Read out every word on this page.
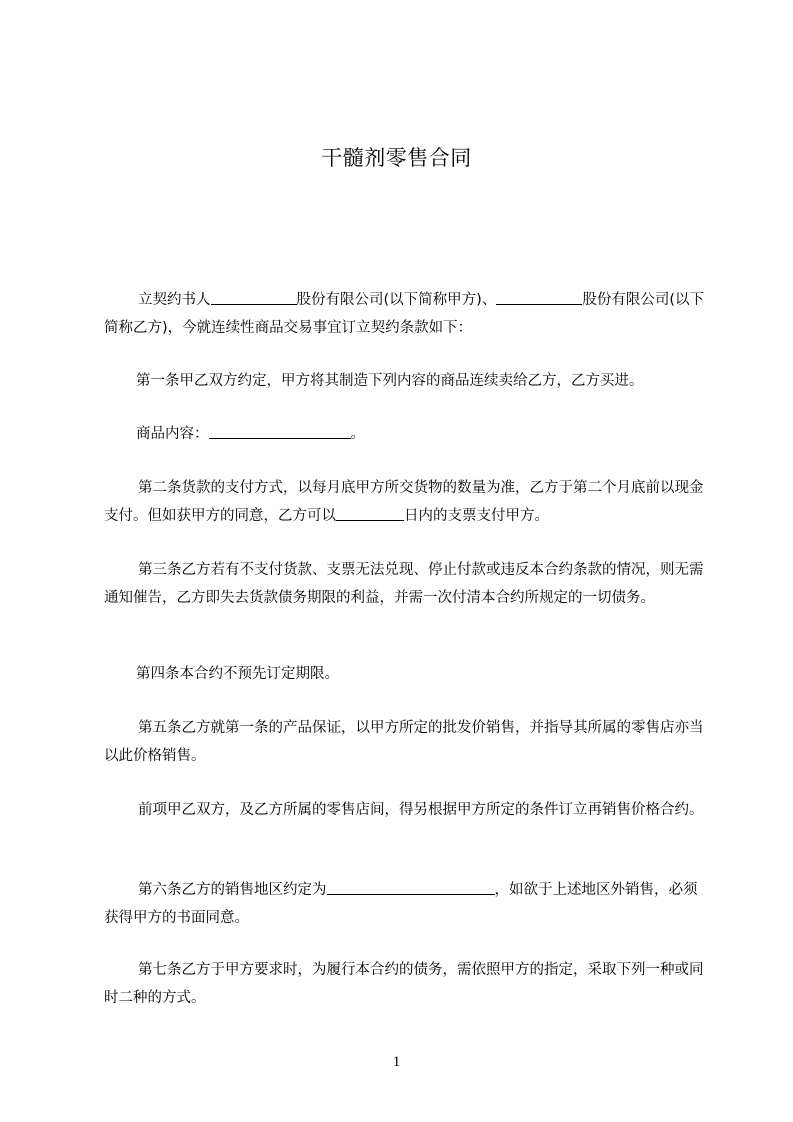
干髓剂零售合同
立契约书人	股份有限公司(以下简称甲方)、	股份有限公司(以下简称乙方)，今就连续性商品交易事宜订立契约条款如下：
第一条甲乙双方约定，甲方将其制造下列内容的商品连续卖给乙方，乙方买进。
商品内容：	。
第二条货款的支付方式，以每月底甲方所交货物的数量为准，乙方于第二个月底前以现金支付。但如获甲方的同意，乙方可以	日内的支票支付甲方。
第三条乙方若有不支付货款、支票无法兑现、停止付款或违反本合约条款的情况，则无需通知催告，乙方即失去货款债务期限的利益，并需一次付清本合约所规定的一切债务。
第四条本合约不预先订定期限。
第五条乙方就第一条的产品保证，以甲方所定的批发价销售，并指导其所属的零售店亦当以此价格销售。
前项甲乙双方，及乙方所属的零售店间，得另根据甲方所定的条件订立再销售价格合约。
第六条乙方的销售地区约定为	，如欲于上述地区外销售，必须获得甲方的书面同意。
第七条乙方于甲方要求时，为履行本合约的债务，需依照甲方的指定，采取下列一种或同时二种的方式。
1
